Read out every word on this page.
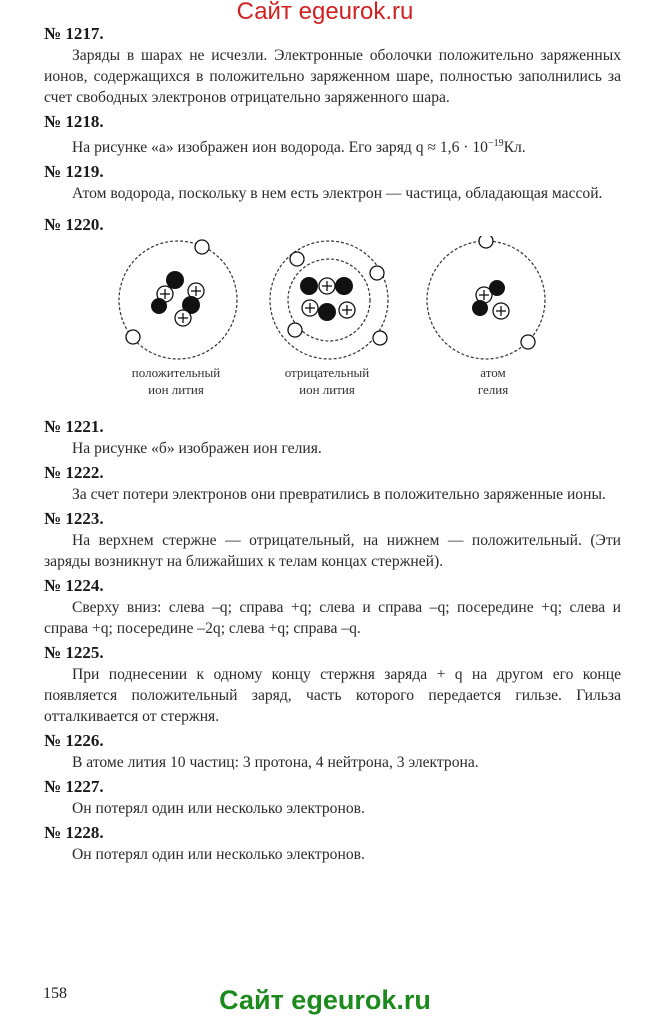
Сайт egeurok.ru
№ 1217.
Заряды в шарах не исчезли. Электронные оболочки положительно заряженных ионов, содержащихся в положительно заряженном шаре, полностью заполнились за счет свободных электронов отрицательно заряженного шара.
№ 1218.
На рисунке «а» изображен ион водорода. Его заряд $q \approx 1,6 \cdot 10^{-19}Кл$.
№ 1219.
Атом водорода, поскольку в нем есть электрон — частица, обладающая массой.
№ 1220.
положительный
ион лития
отрицательный
ион лития
атом
гелия
№ 1221.
На рисунке «б» изображен ион гелия.
№ 1222.
За счет потери электронов они превратились в положительно заряженные ионы.
№ 1223.
На верхнем стержне — отрицательный, на нижнем — положительный. (Эти заряды возникнут на ближайших к телам концах стержней).
№ 1224.
Сверху вниз: слева –q; справа +q; слева и справа –q; посередине +q; слева и справа +q; посередине –2q; слева +q; справа –q.
№ 1225.
При поднесении к одному концу стержня заряда + q на другом его конце появляется положительный заряд, часть которого передается гильзе. Гильза отталкивается от стержня.
№ 1226.
В атоме лития 10 частиц: 3 протона, 4 нейтрона, 3 электрона.
№ 1227.
Он потерял один или несколько электронов.
№ 1228.
Он потерял один или несколько электронов.
158	Сайт egeurok.ru
